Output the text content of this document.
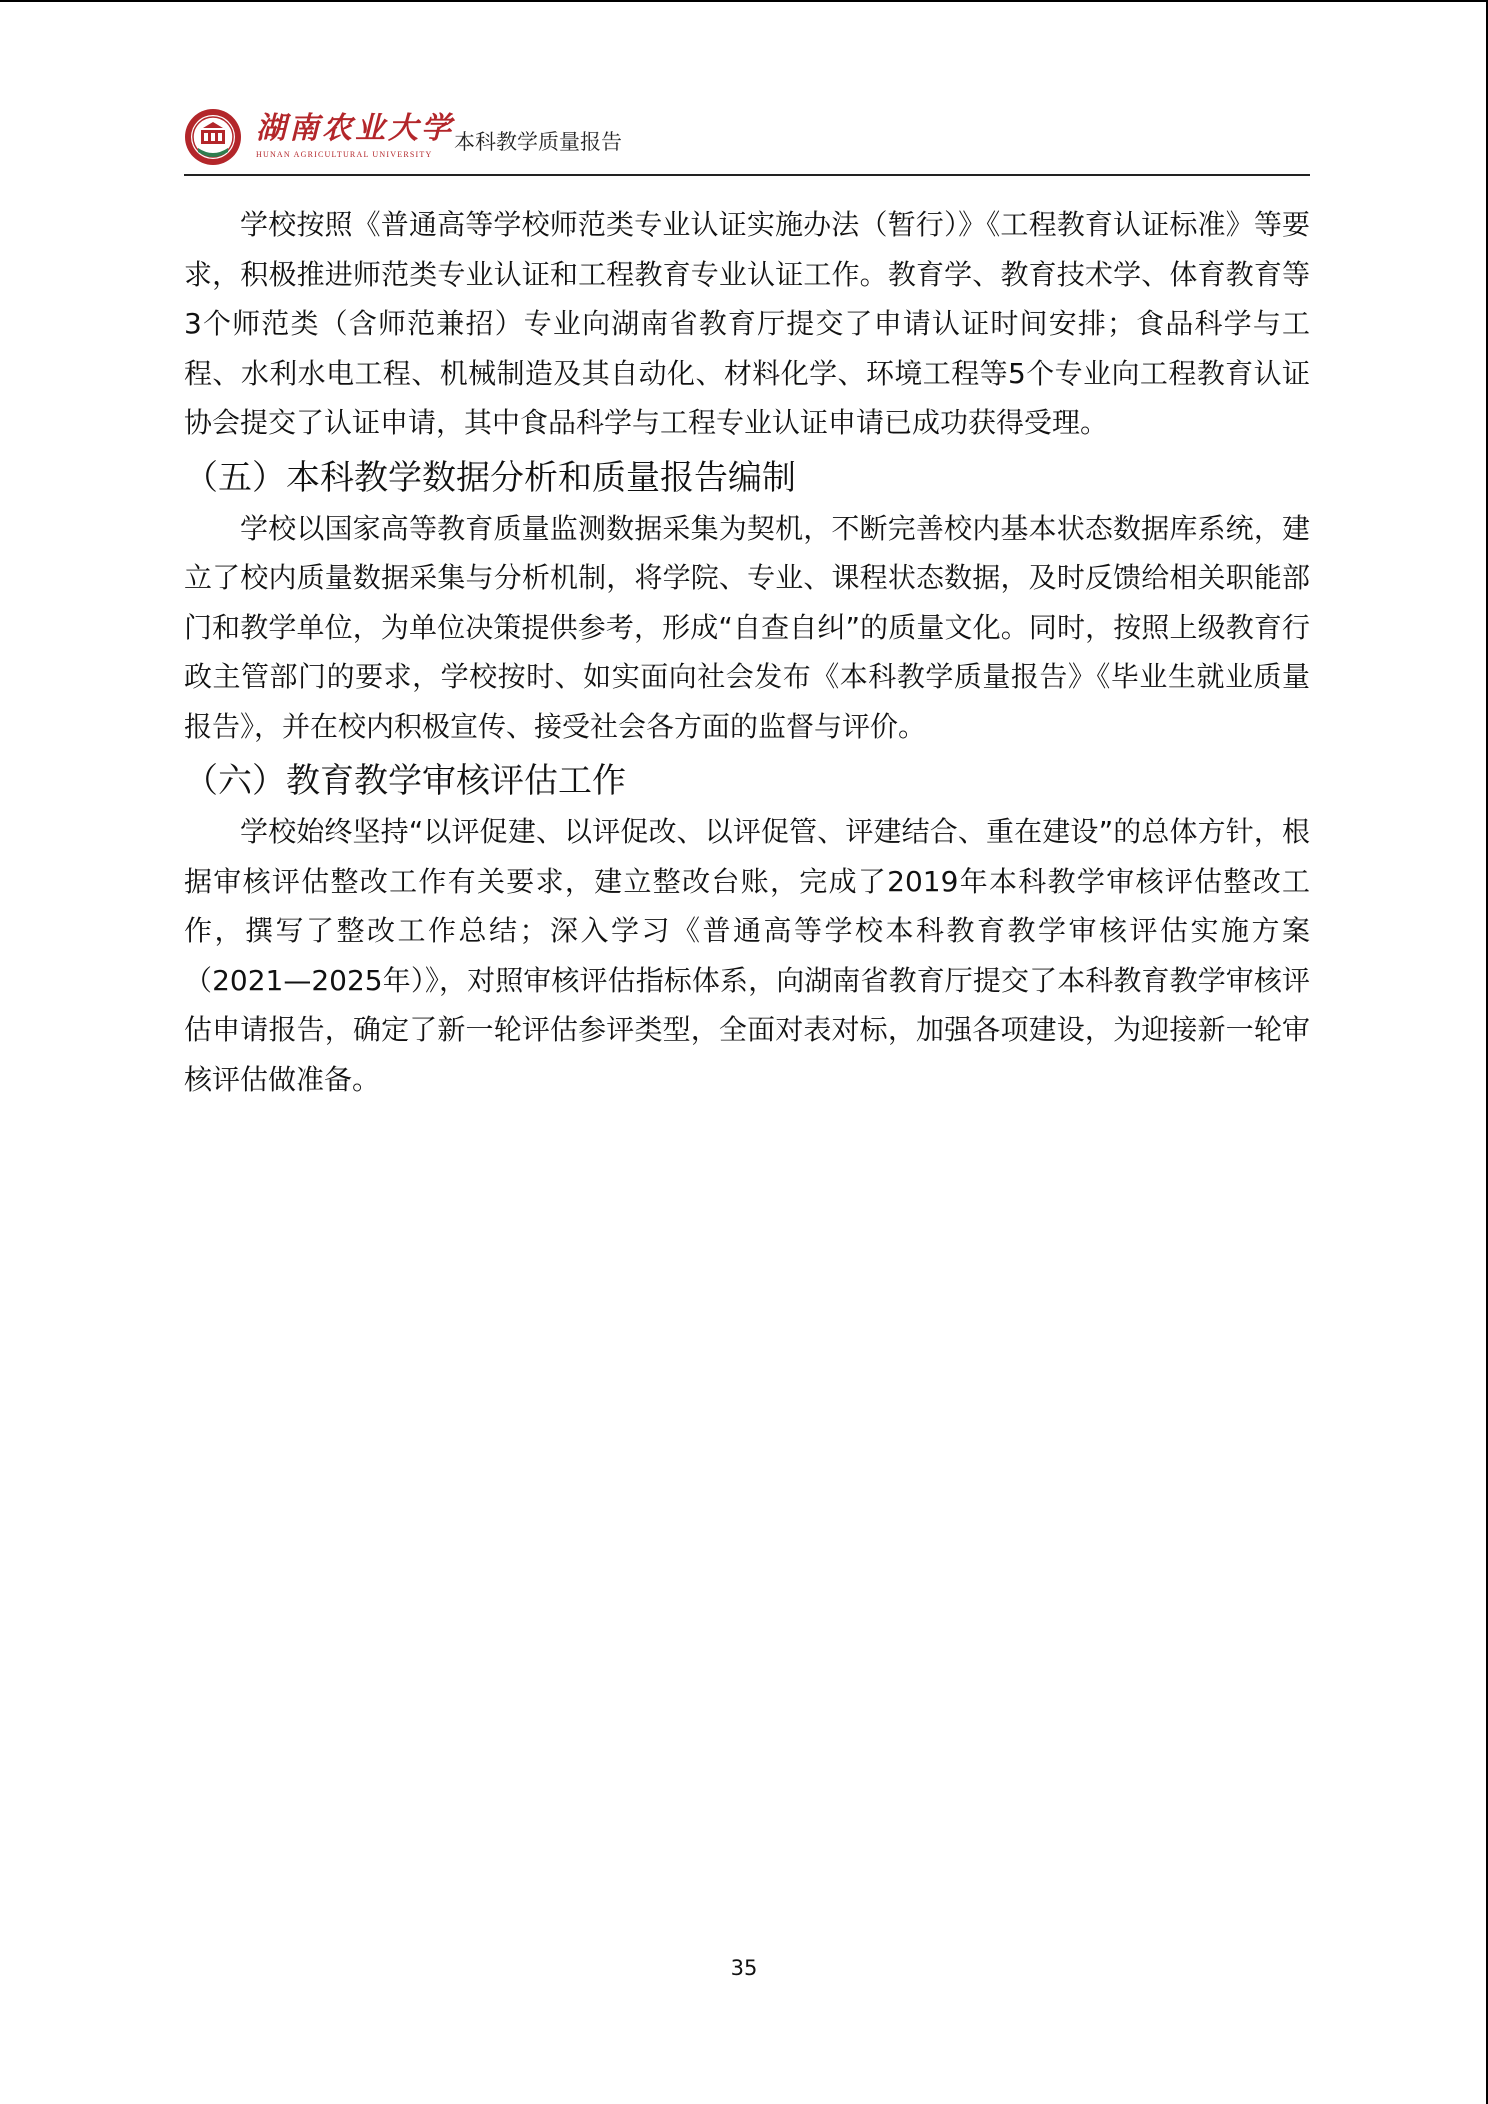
湖南农业大学
HUNAN AGRICULTURAL UNIVERSITY
本科教学质量报告

学校按照《普通高等学校师范类专业认证实施办法（暂行）》《工程教育认证标准》等要求，积极推进师范类专业认证和工程教育专业认证工作。教育学、教育技术学、体育教育等3个师范类（含师范兼招）专业向湖南省教育厅提交了申请认证时间安排；食品科学与工程、水利水电工程、机械制造及其自动化、材料化学、环境工程等5个专业向工程教育认证协会提交了认证申请，其中食品科学与工程专业认证申请已成功获得受理。

（五）本科教学数据分析和质量报告编制

学校以国家高等教育质量监测数据采集为契机，不断完善校内基本状态数据库系统，建立了校内质量数据采集与分析机制，将学院、专业、课程状态数据，及时反馈给相关职能部门和教学单位，为单位决策提供参考，形成“自查自纠”的质量文化。同时，按照上级教育行政主管部门的要求，学校按时、如实面向社会发布《本科教学质量报告》《毕业生就业质量报告》，并在校内积极宣传、接受社会各方面的监督与评价。

（六）教育教学审核评估工作

学校始终坚持“以评促建、以评促改、以评促管、评建结合、重在建设”的总体方针，根据审核评估整改工作有关要求，建立整改台账，完成了2019年本科教学审核评估整改工作，撰写了整改工作总结；深入学习《普通高等学校本科教育教学审核评估实施方案（2021—2025年）》，对照审核评估指标体系，向湖南省教育厅提交了本科教育教学审核评估申请报告，确定了新一轮评估参评类型，全面对表对标，加强各项建设，为迎接新一轮审核评估做准备。

35
